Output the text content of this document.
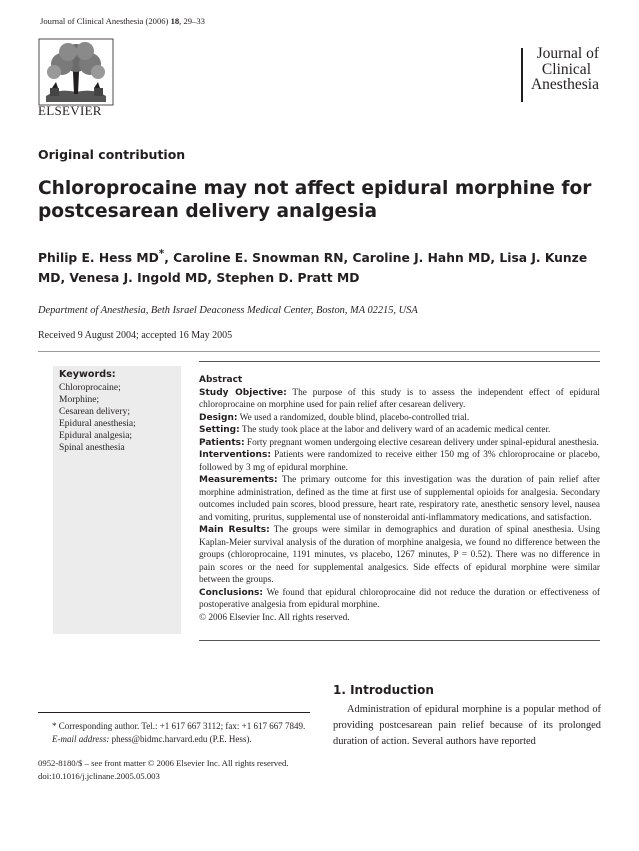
Journal of Clinical Anesthesia (2006) 18, 29–33
ELSEVIER
Journal of
Clinical
Anesthesia
Original contribution
Chloroprocaine may not affect epidural morphine for postcesarean delivery analgesia
Philip E. Hess MD*, Caroline E. Snowman RN, Caroline J. Hahn MD, Lisa J. Kunze MD, Venesa J. Ingold MD, Stephen D. Pratt MD
Department of Anesthesia, Beth Israel Deaconess Medical Center, Boston, MA 02215, USA
Received 9 August 2004; accepted 16 May 2005
Keywords:
Chloroprocaine;
Morphine;
Cesarean delivery;
Epidural anesthesia;
Epidural analgesia;
Spinal anesthesia

Abstract

Study Objective: The purpose of this study is to assess the independent effect of epidural chloroprocaine on morphine used for pain relief after cesarean delivery.

Design: We used a randomized, double blind, placebo-controlled trial.

Setting: The study took place at the labor and delivery ward of an academic medical center.

Patients: Forty pregnant women undergoing elective cesarean delivery under spinal-epidural anesthesia.

Interventions: Patients were randomized to receive either 150 mg of 3% chloroprocaine or placebo, followed by 3 mg of epidural morphine.

Measurements: The primary outcome for this investigation was the duration of pain relief after morphine administration, defined as the time at first use of supplemental opioids for analgesia. Secondary outcomes included pain scores, blood pressure, heart rate, respiratory rate, anesthetic sensory level, nausea and vomiting, pruritus, supplemental use of nonsteroidal anti-inflammatory medications, and satisfaction.

Main Results: The groups were similar in demographics and duration of spinal anesthesia. Using Kaplan-Meier survival analysis of the duration of morphine analgesia, we found no difference between the groups (chloroprocaine, 1191 minutes, vs placebo, 1267 minutes, P = 0.52). There was no difference in pain scores or the need for supplemental analgesics. Side effects of epidural morphine were similar between the groups.

Conclusions: We found that epidural chloroprocaine did not reduce the duration or effectiveness of postoperative analgesia from epidural morphine.

© 2006 Elsevier Inc. All rights reserved.

1. Introduction
Administration of epidural morphine is a popular method of providing postcesarean pain relief because of its prolonged duration of action. Several authors have reported
* Corresponding author. Tel.: +1 617 667 3112; fax: +1 617 667 7849.
E-mail address: phess@bidmc.harvard.edu (P.E. Hess).
0952-8180/$ – see front matter © 2006 Elsevier Inc. All rights reserved.
doi:10.1016/j.jclinane.2005.05.003
